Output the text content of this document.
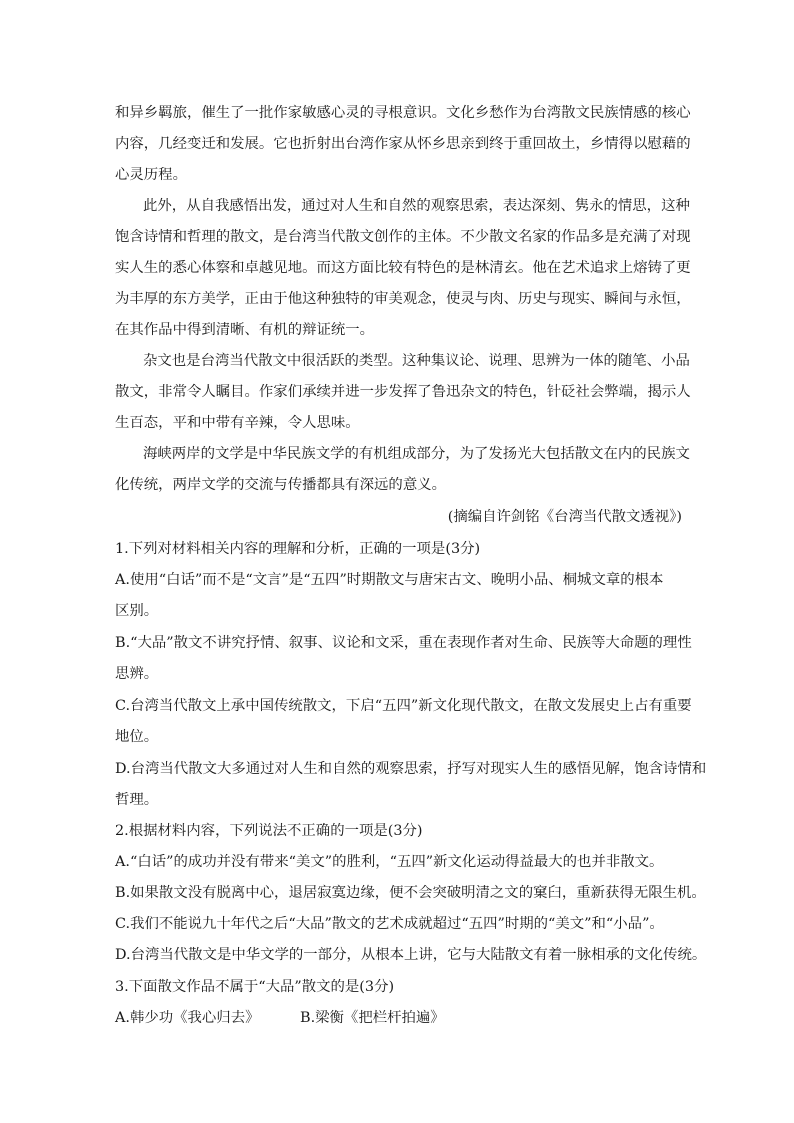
和异乡羁旅，催生了一批作家敏感心灵的寻根意识。文化乡愁作为台湾散文民族情感的核心
内容，几经变迁和发展。它也折射出台湾作家从怀乡思亲到终于重回故土，乡情得以慰藉的
心灵历程。
此外，从自我感悟出发，通过对人生和自然的观察思索，表达深刻、隽永的情思，这种
饱含诗情和哲理的散文，是台湾当代散文创作的主体。不少散文名家的作品多是充满了对现
实人生的悉心体察和卓越见地。而这方面比较有特色的是林清玄。他在艺术追求上熔铸了更
为丰厚的东方美学，正由于他这种独特的审美观念，使灵与肉、历史与现实、瞬间与永恒，
在其作品中得到清晰、有机的辩证统一。
杂文也是台湾当代散文中很活跃的类型。这种集议论、说理、思辨为一体的随笔、小品
散文，非常令人瞩目。作家们承续并进一步发挥了鲁迅杂文的特色，针砭社会弊端，揭示人
生百态，平和中带有辛辣，令人思味。
海峡两岸的文学是中华民族文学的有机组成部分，为了发扬光大包括散文在内的民族文
化传统，两岸文学的交流与传播都具有深远的意义。
(摘编自许剑铭《台湾当代散文透视》)
1.下列对材料相关内容的理解和分析，正确的一项是(3分)
A.使用“白话”而不是“文言”是“五四”时期散文与唐宋古文、晚明小品、桐城文章的根本
区别。
B.“大品”散文不讲究抒情、叙事、议论和文采，重在表现作者对生命、民族等大命题的理性
思辨。
C.台湾当代散文上承中国传统散文，下启“五四”新文化现代散文，在散文发展史上占有重要
地位。
D.台湾当代散文大多通过对人生和自然的观察思索，抒写对现实人生的感悟见解，饱含诗情和
哲理。
2.根据材料内容，下列说法不正确的一项是(3分)
A.“白话”的成功并没有带来“美文”的胜利，“五四”新文化运动得益最大的也并非散文。
B.如果散文没有脱离中心，退居寂寞边缘，便不会突破明清之文的窠臼，重新获得无限生机。
C.我们不能说九十年代之后“大品”散文的艺术成就超过“五四”时期的“美文”和“小品”。
D.台湾当代散文是中华文学的一部分，从根本上讲，它与大陆散文有着一脉相承的文化传统。
3.下面散文作品不属于“大品”散文的是(3分)
A.韩少功《我心归去》	B.梁衡《把栏杆拍遍》
